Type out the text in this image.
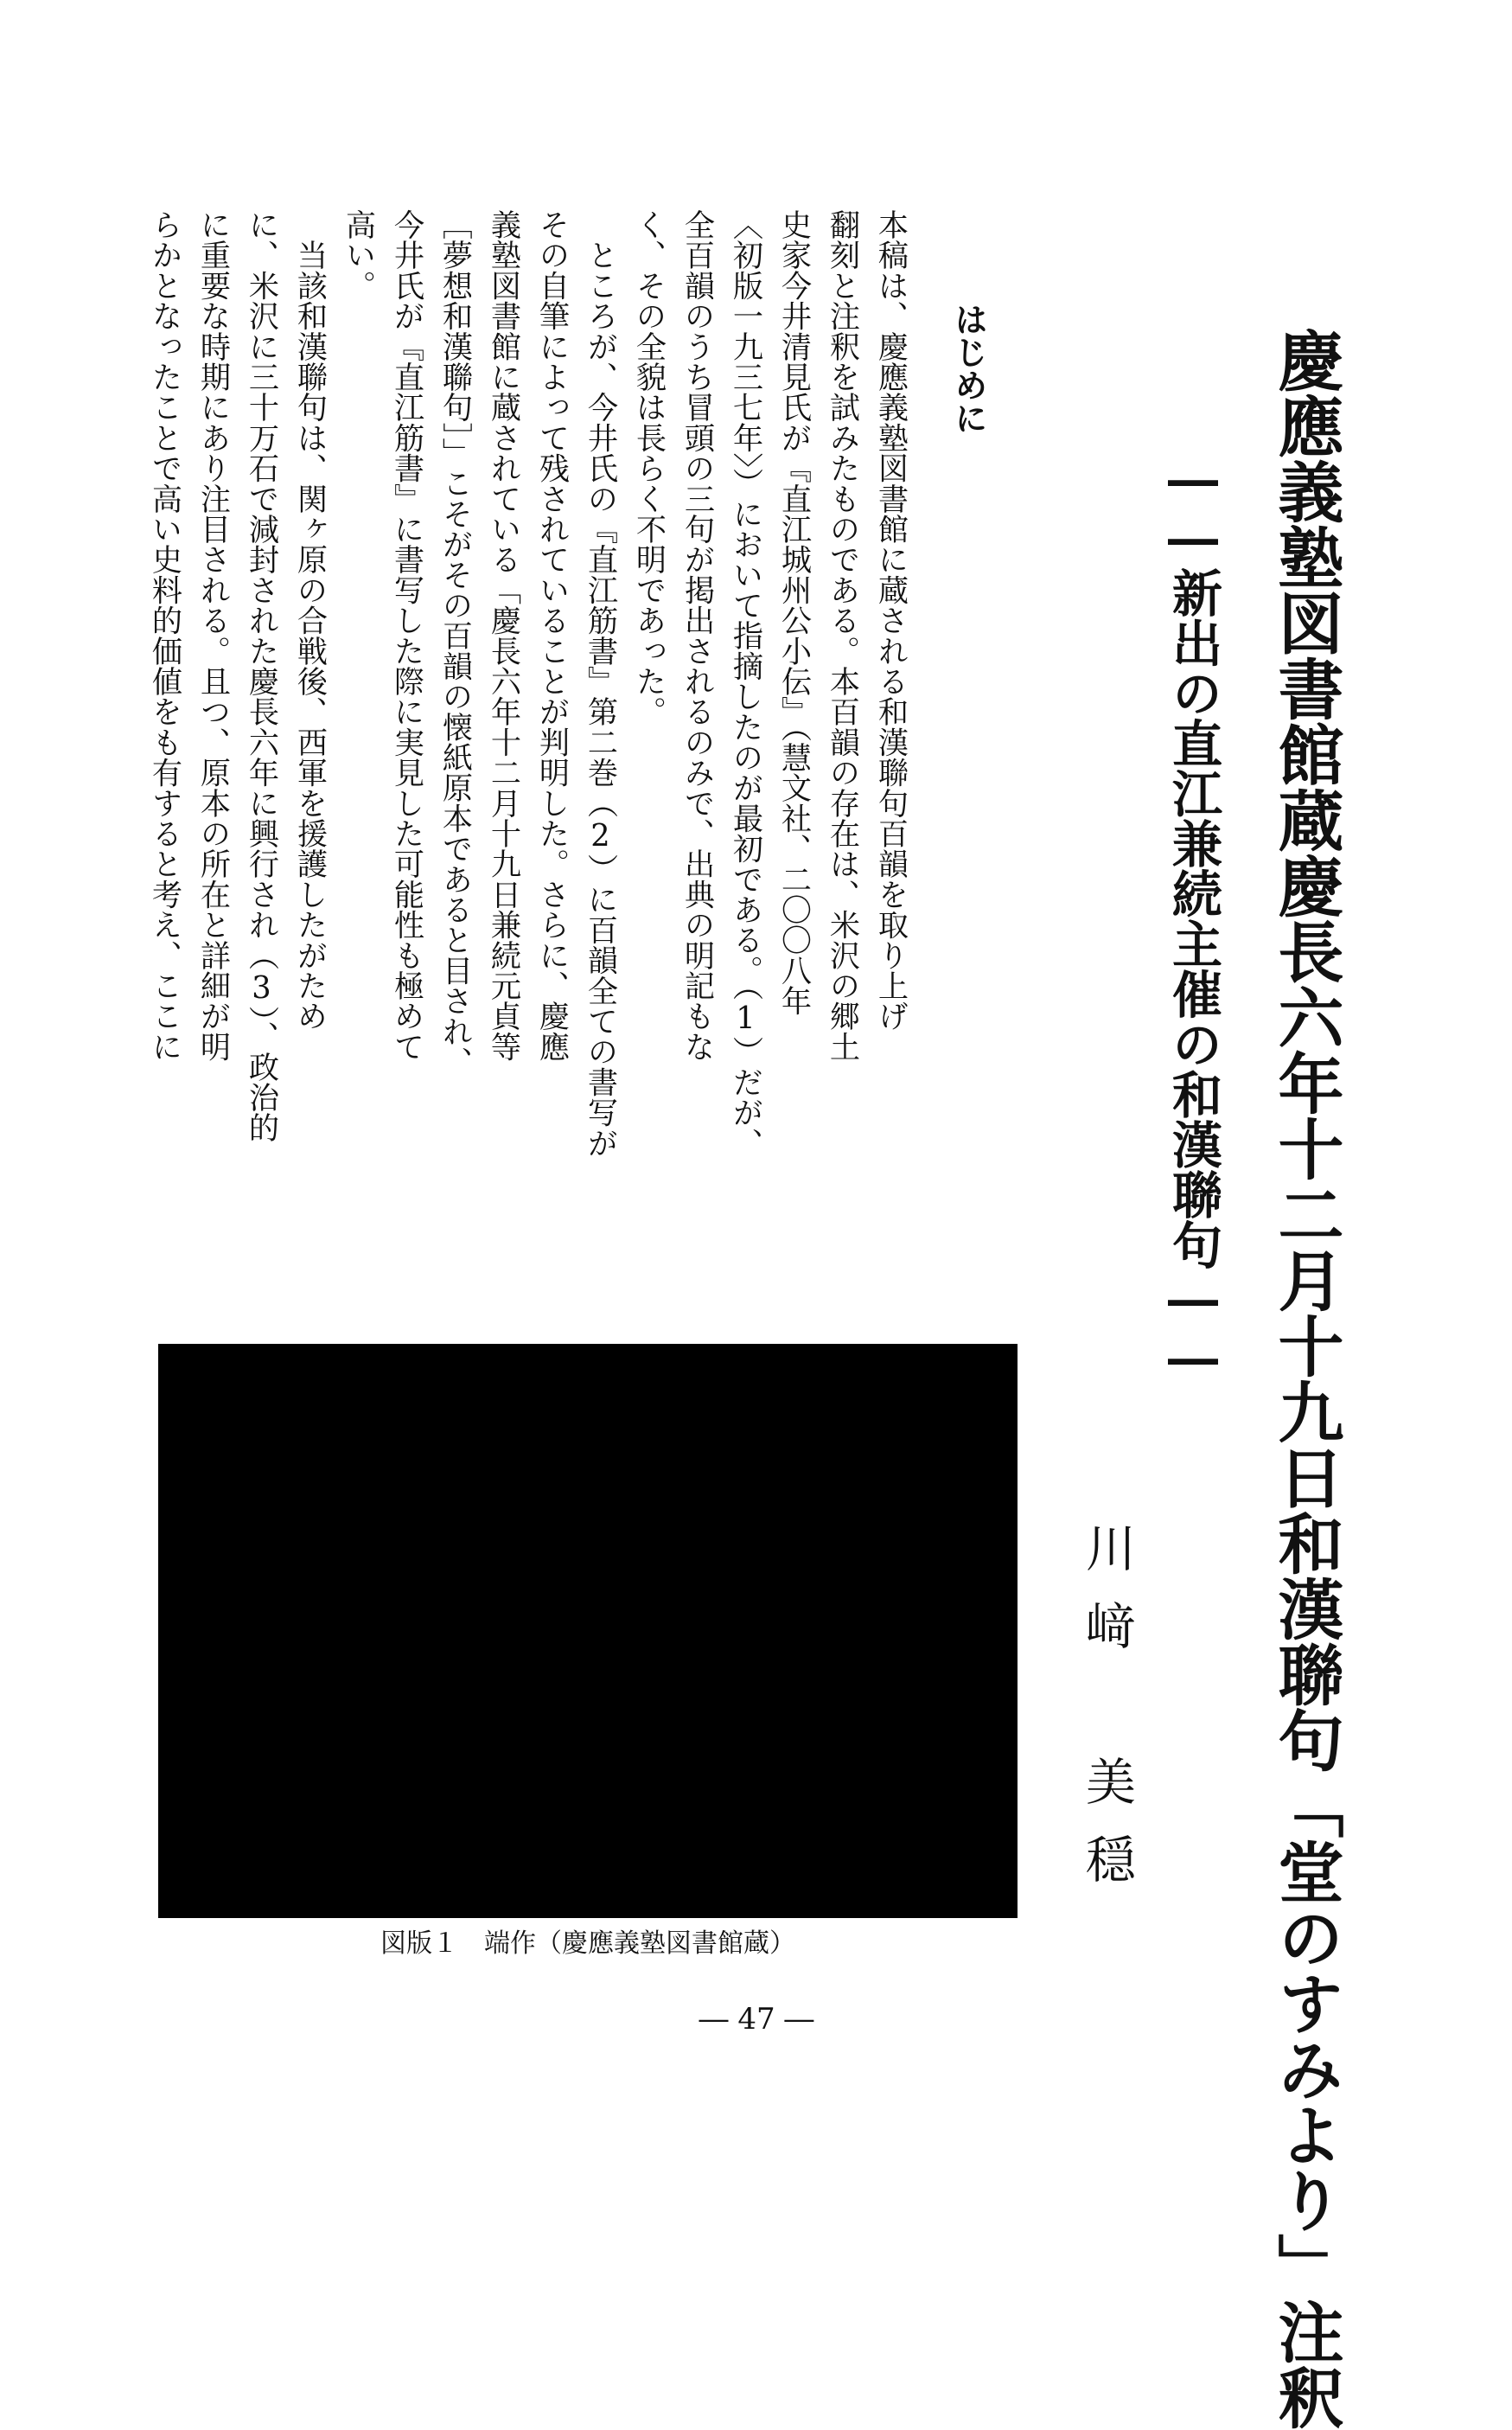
慶應義塾図書館蔵慶長六年十二月十九日和漢聯句「堂のすみより」注釈
――新出の直江兼続主催の和漢聯句――
川﨑　美穏
はじめに
本稿は、慶應義塾図書館に蔵される和漢聯句百韻を取り上げ
翻刻と注釈を試みたものである。本百韻の存在は、米沢の郷土
史家今井清見氏が『直江城州公小伝』（慧文社、二〇〇八年
〈初版一九三七年〉）において指摘したのが最初である。（1）だが、
全百韻のうち冒頭の三句が掲出されるのみで、出典の明記もな
く、その全貌は長らく不明であった。
　ところが、今井氏の『直江筋書』第二巻（2）に百韻全ての書写が
その自筆によって残されていることが判明した。さらに、慶應
義塾図書館に蔵されている「慶長六年十二月十九日兼続元貞等
［夢想和漢聯句］」こそがその百韻の懐紙原本であると目され、
今井氏が『直江筋書』に書写した際に実見した可能性も極めて
高い。
　当該和漢聯句は、関ヶ原の合戦後、西軍を援護したがため
に、米沢に三十万石で減封された慶長六年に興行され（3）、政治的
に重要な時期にあり注目される。且つ、原本の所在と詳細が明
らかとなったことで高い史料的価値をも有すると考え、ここに
図版１　端作（慶應義塾図書館蔵）
― 47 ―
